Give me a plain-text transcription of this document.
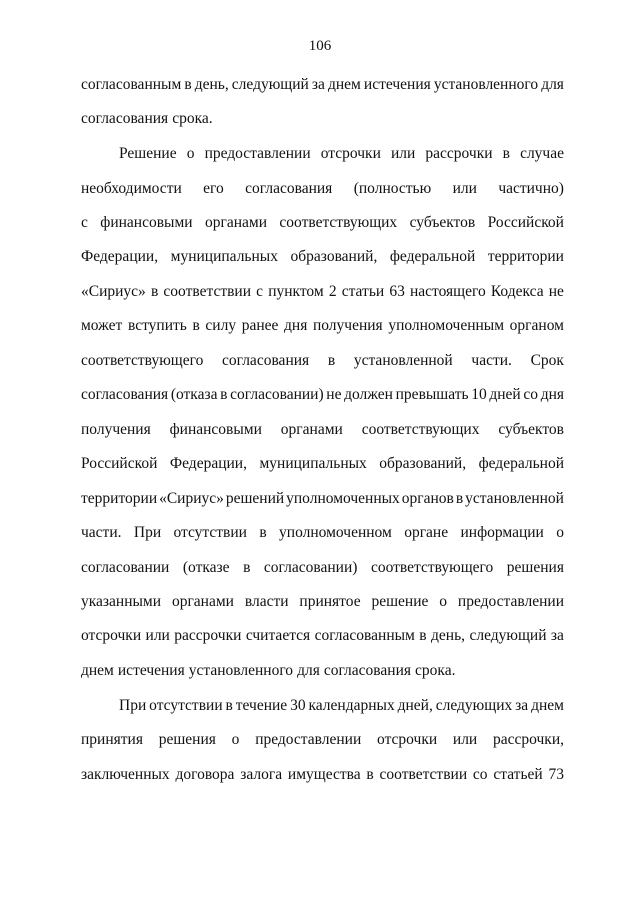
106
согласованным в день, следующий за днем истечения установленного для
согласования срока.
Решение о предоставлении отсрочки или рассрочки в случае
необходимости его согласования (полностью или частично)
с финансовыми органами соответствующих субъектов Российской
Федерации, муниципальных образований, федеральной территории
«Сириус» в соответствии с пунктом 2 статьи 63 настоящего Кодекса не
может вступить в силу ранее дня получения уполномоченным органом
соответствующего согласования в установленной части. Срок
согласования (отказа в согласовании) не должен превышать 10 дней со дня
получения финансовыми органами соответствующих субъектов
Российской Федерации, муниципальных образований, федеральной
территории «Сириус» решений уполномоченных органов в установленной
части. При отсутствии в уполномоченном органе информации о
согласовании (отказе в согласовании) соответствующего решения
указанными органами власти принятое решение о предоставлении
отсрочки или рассрочки считается согласованным в день, следующий за
днем истечения установленного для согласования срока.
При отсутствии в течение 30 календарных дней, следующих за днем
принятия решения о предоставлении отсрочки или рассрочки,
заключенных договора залога имущества в соответствии со статьей 73
